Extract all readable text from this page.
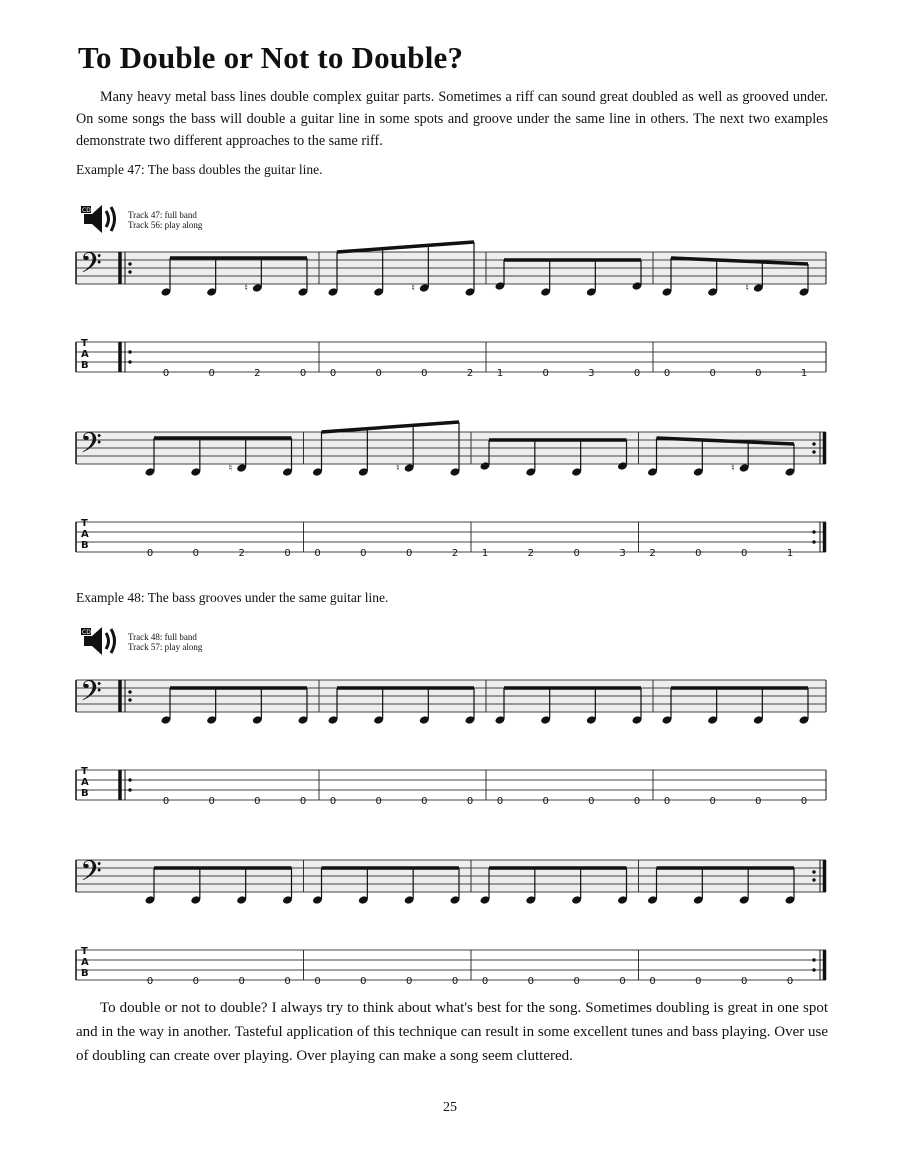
To Double or Not to Double?

Many heavy metal bass lines double complex guitar parts. Sometimes a riff can sound great doubled as well as grooved under. On some songs the bass will double a guitar line in some spots and groove under the same line in others. The next two examples demonstrate two different approaches to the same riff.

Example 47: The bass doubles the guitar line.

CD	Track 47: full band
Track 56: play along
𝄢
T
A
B
♮
0	0	2	0
♮
0	0	0	2 1	0	3	0
♮
0	0	0	1
𝄢
T
A
B
♮
0	0	2	0
♮
0	0	0	2 1	2	0	3
♮
2	0	0	1

Example 48: The bass grooves under the same guitar line.

CD	Track 48: full band
Track 57: play along
𝄢
T
A
B
0	0	0	0 0	0	0	0 0	0	0	0 0	0	0	0
𝄢
T
A
B
0	0	0	0 0	0	0	0 0	0	0	0 0	0	0	0

To double or not to double? I always try to think about what's best for the song. Sometimes doubling is great in one spot and in the way in another. Tasteful application of this technique can result in some excellent tunes and bass playing. Over use of doubling can create over playing. Over playing can make a song seem cluttered.

25
